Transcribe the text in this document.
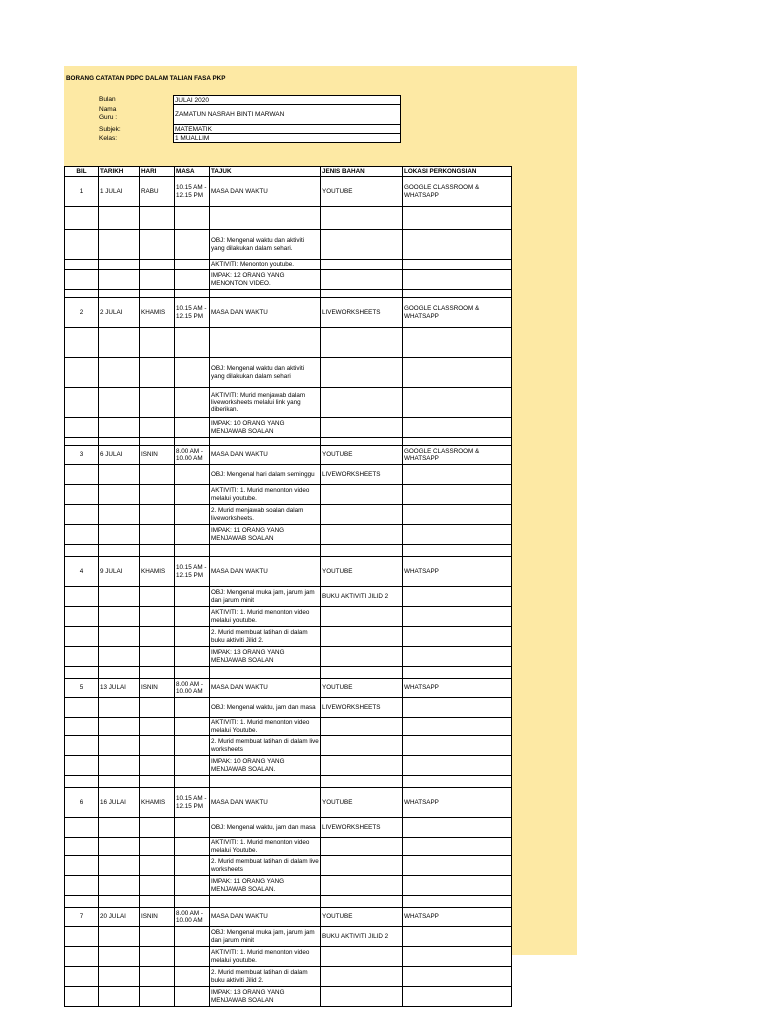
BORANG CATATAN PDPC DALAM TALIAN FASA PKP
Bulan	JULAI 2020
Nama
Guru :	ZAMATUN NASRAH BINTI MARWAN
Subjek:	MATEMATIK
Kelas:	1 MUALLIM
BIL	TARIKH	HARI	MASA	TAJUK	JENIS BAHAN	LOKASI PERKONGSIAN
1	1 JULAI	RABU	10.15 AM - 12.15 PM	MASA DAN WAKTU	YOUTUBE	GOOGLE CLASSROOM & WHATSAPP

				OBJ: Mengenal waktu dan aktiviti yang dilakukan dalam sehari.		
				AKTIVITI: Menonton youtube.		
				IMPAK: 12 ORANG YANG MENONTON VIDEO.		

2	2 JULAI	KHAMIS	10.15 AM - 12.15 PM	MASA DAN WAKTU	LIVEWORKSHEETS	GOOGLE CLASSROOM & WHATSAPP

				OBJ: Mengenal waktu dan aktiviti yang dilakukan dalam sehari		
				AKTIVITI: Murid menjawab dalam liveworksheets melalui link yang diberikan.		
				IMPAK: 10 ORANG YANG MENJAWAB SOALAN		

3	6 JULAI	ISNIN	8.00 AM - 10.00 AM	MASA DAN WAKTU	YOUTUBE	GOOGLE CLASSROOM & WHATSAPP
				OBJ: Mengenal hari dalam seminggu	LIVEWORKSHEETS	
				AKTIVITI: 1. Murid menonton video melalui youtube.		
				2. Murid menjawab soalan dalam liveworksheets.		
				IMPAK: 11 ORANG YANG MENJAWAB SOALAN		

4	9 JULAI	KHAMIS	10.15 AM - 12.15 PM	MASA DAN WAKTU	YOUTUBE	WHATSAPP
				OBJ: Mengenal muka jam, jarum jam dan jarum minit	BUKU AKTIVITI JILID 2	
				AKTIVITI: 1. Murid menonton video melalui youtube.		
				2. Murid membuat latihan di dalam buku aktiviti Jilid 2.		
				IMPAK: 13 ORANG YANG MENJAWAB SOALAN		

5	13 JULAI	ISNIN	8.00 AM - 10.00 AM	MASA DAN WAKTU	YOUTUBE	WHATSAPP
				OBJ: Mengenal waktu, jam dan masa	LIVEWORKSHEETS	
				AKTIVITI: 1. Murid menonton video melalui Youtube.		
				2. Murid membuat latihan di dalam live worksheets		
				IMPAK: 10 ORANG YANG MENJAWAB SOALAN.		

6	16 JULAI	KHAMIS	10.15 AM - 12.15 PM	MASA DAN WAKTU	YOUTUBE	WHATSAPP
				OBJ: Mengenal waktu, jam dan masa	LIVEWORKSHEETS	
				AKTIVITI: 1. Murid menonton video melalui Youtube.		
				2. Murid membuat latihan di dalam live worksheets		
				IMPAK: 11 ORANG YANG MENJAWAB SOALAN.		

7	20 JULAI	ISNIN	8.00 AM - 10.00 AM	MASA DAN WAKTU	YOUTUBE	WHATSAPP
				OBJ: Mengenal muka jam, jarum jam dan jarum minit	BUKU AKTIVITI JILID 2	
				AKTIVITI: 1. Murid menonton video melalui youtube.		
				2. Murid membuat latihan di dalam buku aktiviti Jilid 2.		
				IMPAK: 13 ORANG YANG MENJAWAB SOALAN		
